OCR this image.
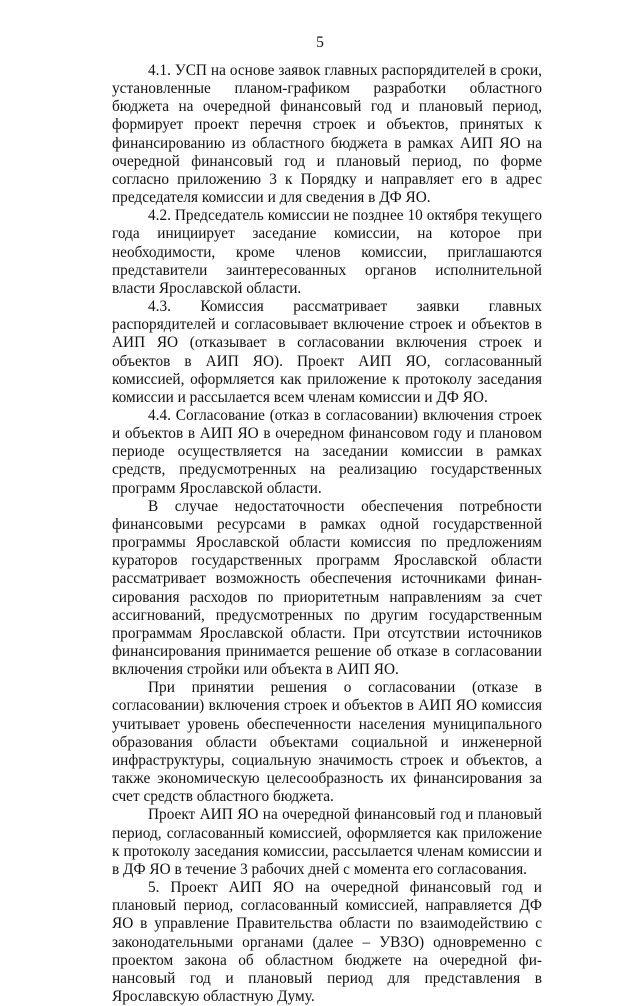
5

4.1. УСП на основе заявок главных распорядителей в сроки, установленные планом-графиком разработки областного бюджета на очередной финансовый год и плановый период, формирует проект перечня строек и объектов, принятых к финансированию из областного бюджета в рамках АИП ЯО на очередной финансовый год и плановый период, по форме согласно приложению 3 к Порядку и направляет его в адрес председателя комиссии и для сведения в ДФ ЯО.

4.2. Председатель комиссии не позднее 10 октября текущего года инициирует заседание комиссии, на которое при необходимости, кроме членов комиссии, приглашаются представители заинтересованных органов исполнительной власти Ярославской области.

4.3. Комиссия рассматривает заявки главных распорядителей и согласовывает включение строек и объектов в АИП ЯО (отказывает в согласовании включения строек и объектов в АИП ЯО). Проект АИП ЯО, согласованный комиссией, оформляется как приложение к протоколу заседания комиссии и рассылается всем членам комиссии и ДФ ЯО.

4.4. Согласование (отказ в согласовании) включения строек и объектов в АИП ЯО в очередном финансовом году и плановом периоде осуществляется на заседании комиссии в рамках средств, предусмотренных на реализацию государственных программ Ярославской области.

В случае недостаточности обеспечения потребности финансовыми ресурсами в рамках одной государственной программы Ярославской области комиссия по предложениям кураторов государственных программ Ярославской области рассматривает возможность обеспечения источниками финансирования расходов по приоритетным направлениям за счет ассигнований, предусмотренных по другим государственным программам Ярославской области. При отсутствии источников финансирования принимается решение об отказе в согласовании включения стройки или объекта в АИП ЯО.

При принятии решения о согласовании (отказе в согласовании) включения строек и объектов в АИП ЯО комиссия учитывает уровень обеспеченности населения муниципального образования области объектами социальной и инженерной инфраструктуры, социальную значимость строек и объектов, а также экономическую целесообразность их финансирования за счет средств областного бюджета.

Проект АИП ЯО на очередной финансовый год и плановый период, согласованный комиссией, оформляется как приложение к протоколу заседания комиссии, рассылается членам комиссии и в ДФ ЯО в течение 3 рабочих дней с момента его согласования.

5. Проект АИП ЯО на очередной финансовый год и плановый период, согласованный комиссией, направляется ДФ ЯО в управление Правительства области по взаимодействию с законодательными органами (далее – УВЗО) одновременно с проектом закона об областном бюджете на очередной финансовый год и плановый период для представления в Ярославскую областную Думу.
